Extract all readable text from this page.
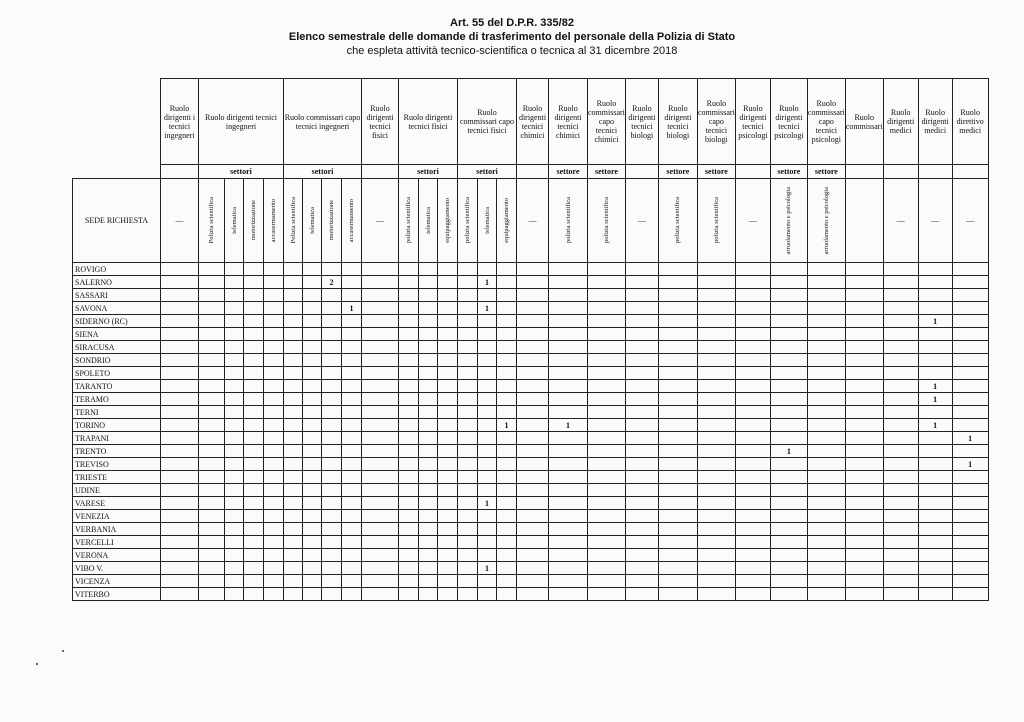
Art. 55 del D.P.R. 335/82
Elenco semestrale delle domande di trasferimento del personale della Polizia di Stato
che espleta attività tecnico-scientifica o tecnica al 31 dicembre 2018
	Ruolo dirigenti i tecnici ingegneri	Ruolo dirigenti tecnici ingegneri				Ruolo commissari capo tecnici ingegneri				Ruolo dirigenti tecnici fisici	Ruolo dirigenti tecnici fisici			Ruolo commissari capo tecnici fisici			Ruolo dirigenti tecnici chimici	Ruolo dirigenti tecnici chimici	Ruolo commissari capo tecnici chimici	Ruolo dirigenti tecnici biologi	Ruolo dirigenti tecnici biologi	Ruolo commissari capo tecnici biologi	Ruolo dirigenti tecnici psicologi	Ruolo dirigenti tecnici psicologi	Ruolo commissari capo tecnici psicologi	Ruolo commissari	Ruolo dirigenti medici	Ruolo dirigenti medici	Ruolo direttivo medici
		settori				settori					settori			settori				settore	settore		settore	settore		settore	settore				
SEDE RICHIESTA	—	Polizia scientifica	telematica	motorizzazione	accasermamento	Polizia scientifica	telematica	motorizzazione	accasermamento	—	polizia scientifica	telematica	equipaggiamento	polizia scientifica	telematica	equipaggiamento	—	polizia scientifica	polizia scientifica	—	polizia scientifica	polizia scientifica	—	arruolamento e psicologia	arruolamento e psicologia		—	—	—
ROVIGO																													
SALERNO								2							1														
SASSARI																													
SAVONA									1						1														
SIDERNO (RC)																												1	
SIENA																													
SIRACUSA																													
SONDRIO																													
SPOLETO																													
TARANTO																												1	
TERAMO																												1	
TERNI																													
TORINO																1		1										1	
TRAPANI																													1
TRENTO																								1					
TREVISO																													1
TRIESTE																													
UDINE																													
VARESE															1														
VENEZIA																													
VERBANIA																													
VERCELLI																													
VERONA																													
VIBO V.															1														
VICENZA																													
VITERBO																													
